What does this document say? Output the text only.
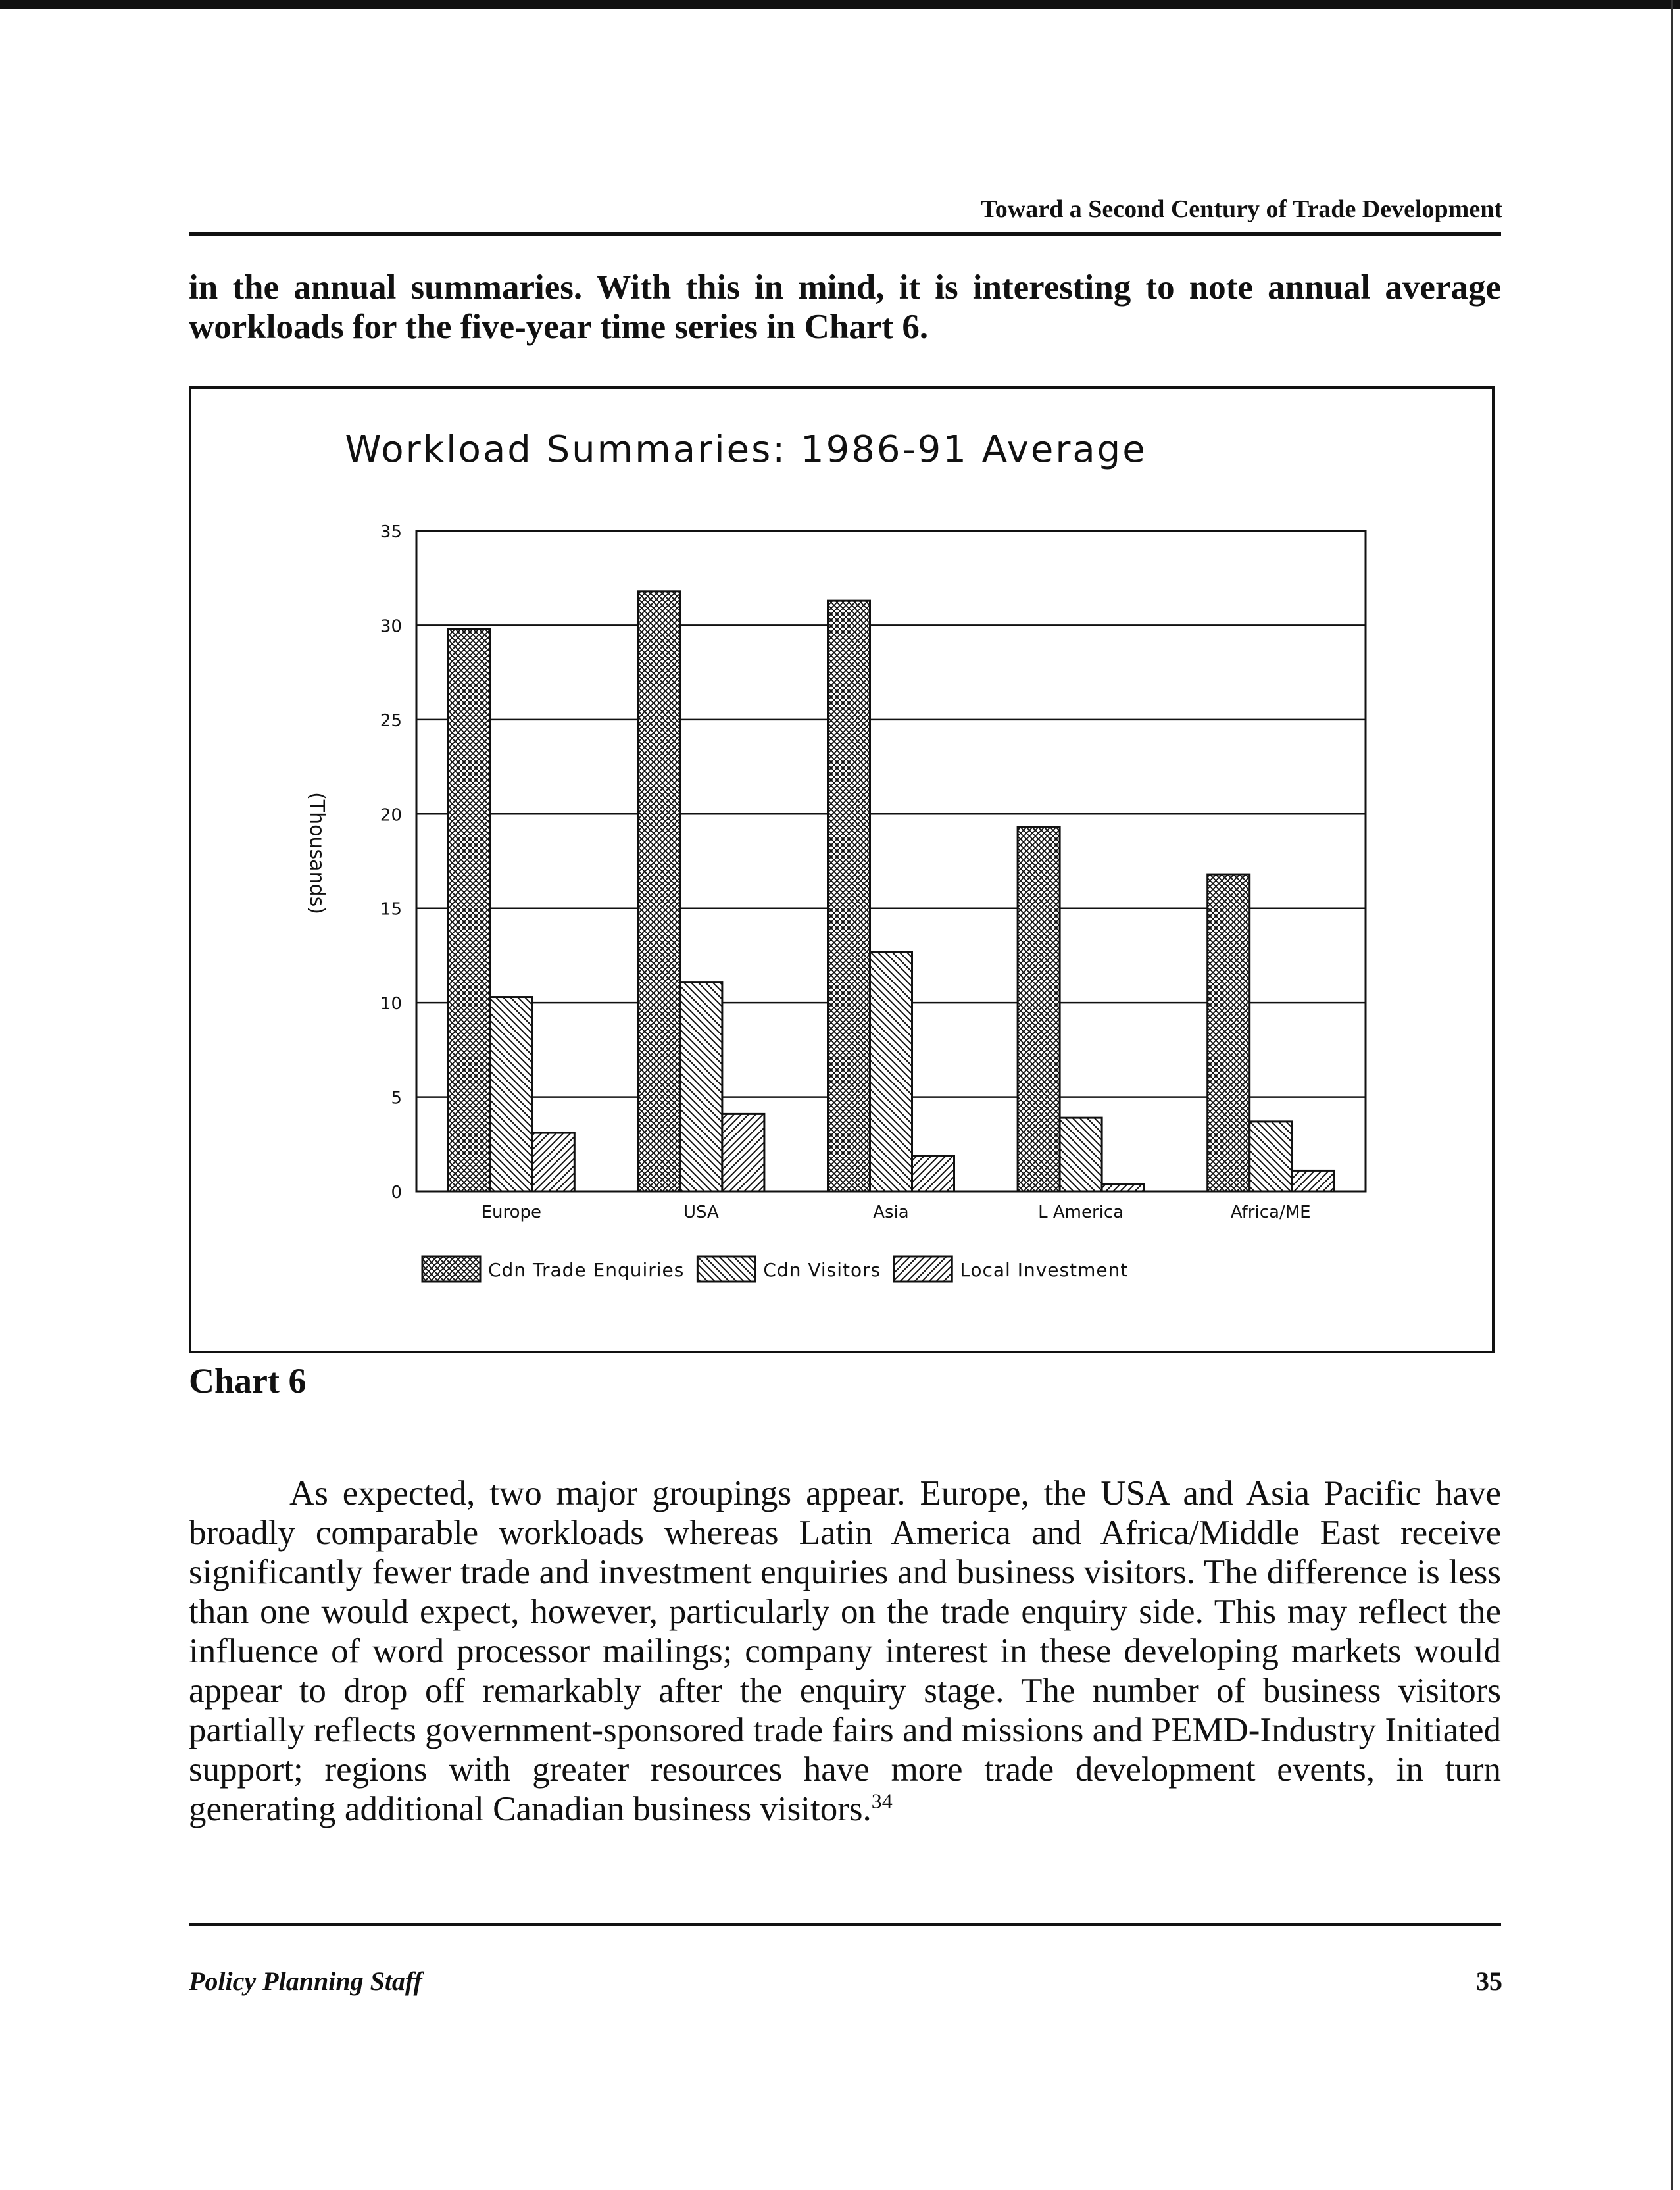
Toward a Second Century of Trade Development
in the annual summaries. With this in mind, it is interesting to note annual average workloads for the five-year time series in Chart 6.
Workload Summaries: 1986-91 Average
(Thousands)
0
5
10
15
20
25
30
35
Europe	USA	Asia	L America	Africa/ME
Cdn Trade Enquiries	Cdn Visitors	Local Investment
Chart 6
As expected, two major groupings appear. Europe, the USA and Asia Pacific have broadly comparable workloads whereas Latin America and Africa/Middle East receive significantly fewer trade and investment enquiries and business visitors. The difference is less than one would expect, however, particularly on the trade enquiry side. This may reflect the influence of word processor mailings; company interest in these developing markets would appear to drop off remarkably after the enquiry stage. The number of business visitors partially reflects government-sponsored trade fairs and missions and PEMD-Industry Initiated support; regions with greater resources have more trade development events, in turn generating additional Canadian business visitors.$^{34}$
Policy Planning Staff	35
